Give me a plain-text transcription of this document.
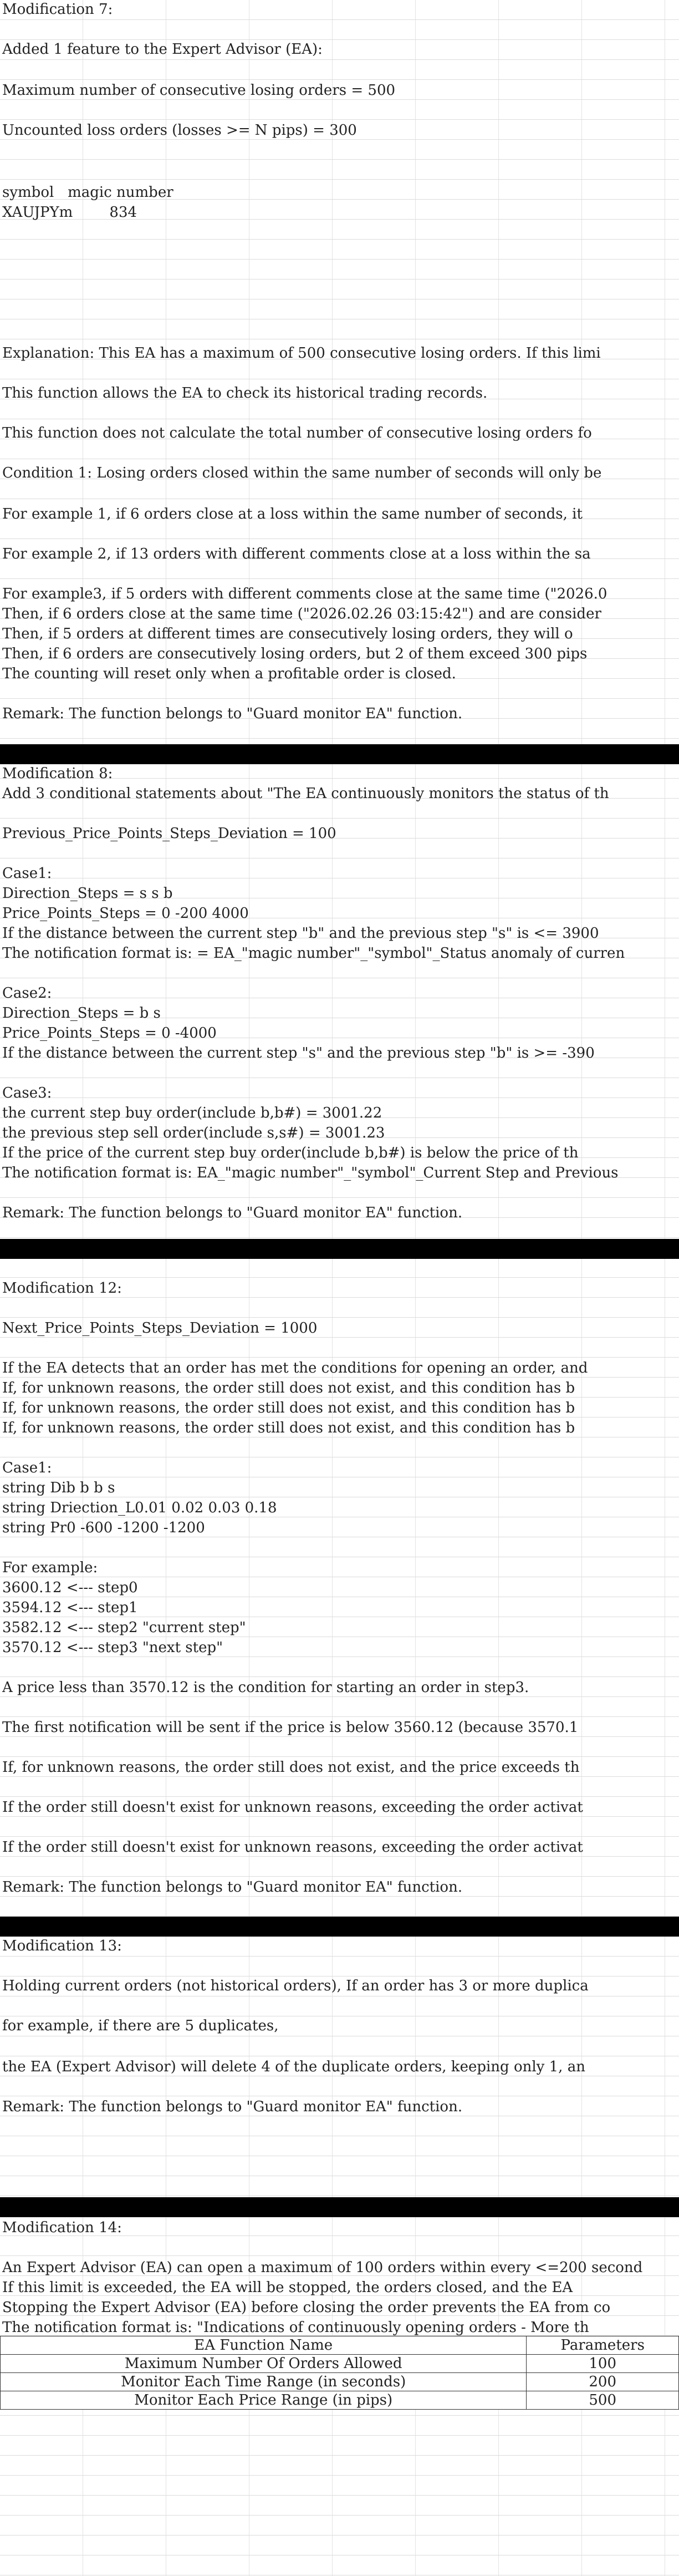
Modification 7:
Added 1 feature to the Expert Advisor (EA):
Maximum number of consecutive losing orders = 500
Uncounted loss orders (losses >= N pips) = 300
symbol   magic number
XAUJPYm        834
Explanation: This EA has a maximum of 500 consecutive losing orders. If this limi
This function allows the EA to check its historical trading records.
This function does not calculate the total number of consecutive losing orders fo
Condition 1: Losing orders closed within the same number of seconds will only be
For example 1, if 6 orders close at a loss within the same number of seconds, it
For example 2, if 13 orders with different comments close at a loss within the sa
For example3, if 5 orders with different comments close at the same time ("2026.0
Then, if 6 orders close at the same time ("2026.02.26 03:15:42") and are consider
Then, if 5 orders at different times are consecutively losing orders, they will o
Then, if 6 orders are consecutively losing orders, but 2 of them exceed 300 pips
The counting will reset only when a profitable order is closed.
Remark: The function belongs to "Guard monitor EA" function.
Modification 8:
Add 3 conditional statements about "The EA continuously monitors the status of th
Previous_Price_Points_Steps_Deviation = 100
Case1:
Direction_Steps = s s b
Price_Points_Steps = 0 -200 4000
If the distance between the current step "b" and the previous step "s" is <= 3900
The notification format is: = EA_"magic number"_"symbol"_Status anomaly of curren
Case2:
Direction_Steps = b s
Price_Points_Steps = 0 -4000
If the distance between the current step "s" and the previous step "b" is >= -390
Case3:
the current step buy order(include b,b#) = 3001.22
the previous step sell order(include s,s#) = 3001.23
If the price of the current step buy order(include b,b#) is below the price of th
The notification format is: EA_"magic number"_"symbol"_Current Step and Previous
Remark: The function belongs to "Guard monitor EA" function.
Modification 12:
Next_Price_Points_Steps_Deviation = 1000
If the EA detects that an order has met the conditions for opening an order, and
If, for unknown reasons, the order still does not exist, and this condition has b
If, for unknown reasons, the order still does not exist, and this condition has b
If, for unknown reasons, the order still does not exist, and this condition has b
Case1:
string Dib b b s
string Driection_L0.01 0.02 0.03 0.18
string Pr0 -600 -1200 -1200
For example:
3600.12 <--- step0
3594.12 <--- step1
3582.12 <--- step2 "current step"
3570.12 <--- step3 "next step"
A price less than 3570.12 is the condition for starting an order in step3.
The first notification will be sent if the price is below 3560.12 (because 3570.1
If, for unknown reasons, the order still does not exist, and the price exceeds th
If the order still doesn't exist for unknown reasons, exceeding the order activat
If the order still doesn't exist for unknown reasons, exceeding the order activat
Remark: The function belongs to "Guard monitor EA" function.
Modification 13:
Holding current orders (not historical orders), If an order has 3 or more duplica
for example, if there are 5 duplicates,
the EA (Expert Advisor) will delete 4 of the duplicate orders, keeping only 1, an
Remark: The function belongs to "Guard monitor EA" function.
Modification 14:
An Expert Advisor (EA) can open a maximum of 100 orders within every <=200 second
If this limit is exceeded, the EA will be stopped, the orders closed, and the EA
Stopping the Expert Advisor (EA) before closing the order prevents the EA from co
The notification format is: "Indications of continuously opening orders - More th
EA Function Name	Parameters
Maximum Number Of Orders Allowed	100
Monitor Each Time Range (in seconds)	200
Monitor Each Price Range (in pips)	500
